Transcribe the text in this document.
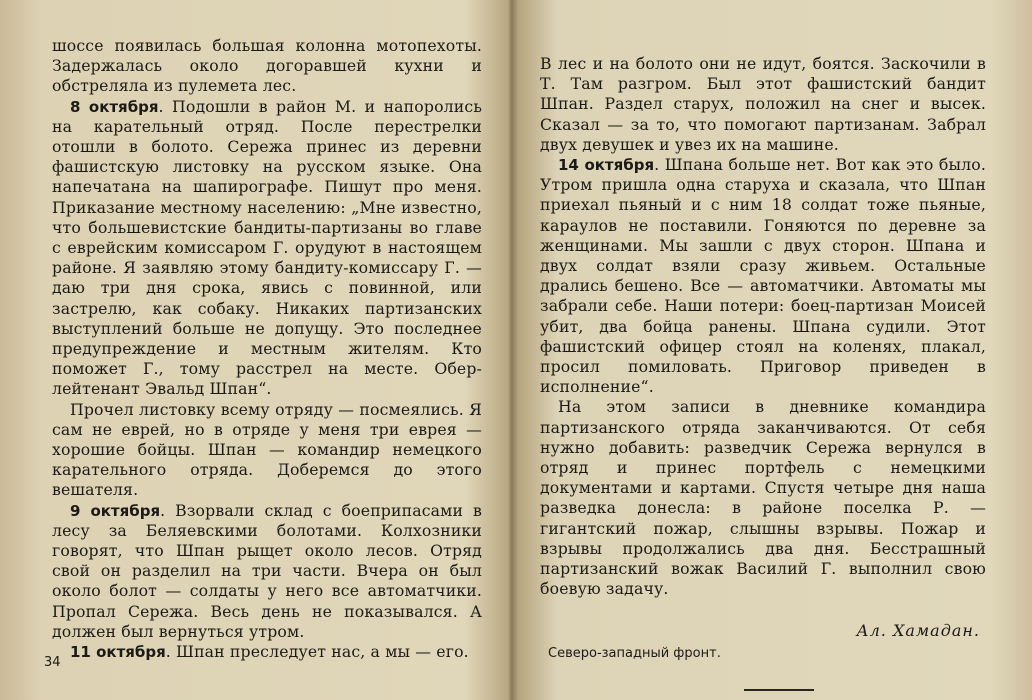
шоссе появилась большая колонна мотопехоты. Задержалась около догоравшей кухни и обстреляла из пулемета лес.

8 октября. Подошли в район М. и напоролись на карательный отряд. После перестрелки отошли в болото. Сережа принес из деревни фашистскую листовку на русском языке. Она напечатана на шапирографе. Пишут про меня. Приказание местному населению: „Мне известно, что большевистские бандиты-партизаны во главе с еврейским комиссаром Г. орудуют в настоящем районе. Я заявляю этому бандиту-комиссару Г. — даю три дня срока, явись с повинной, или застрелю, как собаку. Никаких партизанских выступлений больше не допущу. Это последнее предупреждение и местным жителям. Кто поможет Г., тому расстрел на месте. Обер-лейтенант Эвальд Шпан“.

Прочел листовку всему отряду — посмеялись. Я сам не еврей, но в отряде у меня три еврея — хорошие бойцы. Шпан — командир немецкого карательного отряда. Доберемся до этого вешателя.

9 октября. Взорвали склад с боеприпасами в лесу за Беляевскими болотами. Колхозники говорят, что Шпан рыщет около лесов. Отряд свой он разделил на три части. Вчера он был около болот — солдаты у него все автоматчики. Пропал Сережа. Весь день не показывался. А должен был вернуться утром.

11 октября. Шпан преследует нас, а мы — его.

34

В лес и на болото они не идут, боятся. Заскочили в Т. Там разгром. Был этот фашистский бандит Шпан. Раздел старух, положил на снег и высек. Сказал — за то, что помогают партизанам. Забрал двух девушек и увез их на машине.

14 октября. Шпана больше нет. Вот как это было. Утром пришла одна старуха и сказала, что Шпан приехал пьяный и с ним 18 солдат тоже пьяные, караулов не поставили. Гоняются по деревне за женщинами. Мы зашли с двух сторон. Шпана и двух солдат взяли сразу живьем. Остальные дрались бешено. Все — автоматчики. Автоматы мы забрали себе. Наши потери: боец-партизан Моисей убит, два бойца ранены. Шпана судили. Этот фашистский офицер стоял на коленях, плакал, просил помиловать. Приговор приведен в исполнение“.

На этом записи в дневнике командира партизанского отряда заканчиваются. От себя нужно добавить: разведчик Сережа вернулся в отряд и принес портфель с немецкими документами и картами. Спустя четыре дня наша разведка донесла: в районе поселка Р. — гигантский пожар, слышны взрывы. Пожар и взрывы продолжались два дня. Бесстрашный партизанский вожак Василий Г. выполнил свою боевую задачу.

Ал. Хамадан.

Северо-западный фронт.
